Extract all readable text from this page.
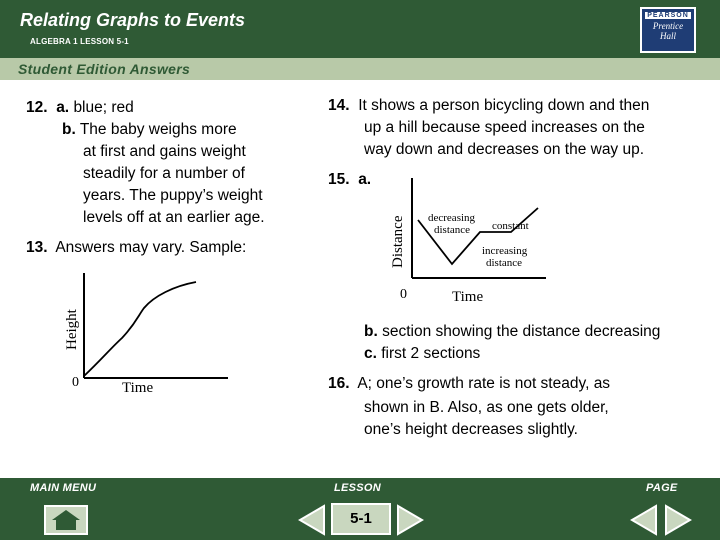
Relating Graphs to Events
ALGEBRA 1 LESSON 5-1
PEARSON
Prentice
Hall
Student Edition Answers
12. a. blue; red
b. The baby weighs more
at first and gains weight
steadily for a number of
years. The puppy’s weight
levels off at an earlier age.
13. Answers may vary. Sample:
0	Time
Height
14. It shows a person bicycling down and then
up a hill because speed increases on the
way down and decreases on the way up.
15. a.
decreasing
distance constant
increasing
distance
0	Time
Distance
b. section showing the distance decreasing
c. first 2 sections
16. A; one’s growth rate is not steady, as
shown in B. Also, as one gets older,
one’s height decreases slightly.
MAIN MENU	LESSON	PAGE
5-1
